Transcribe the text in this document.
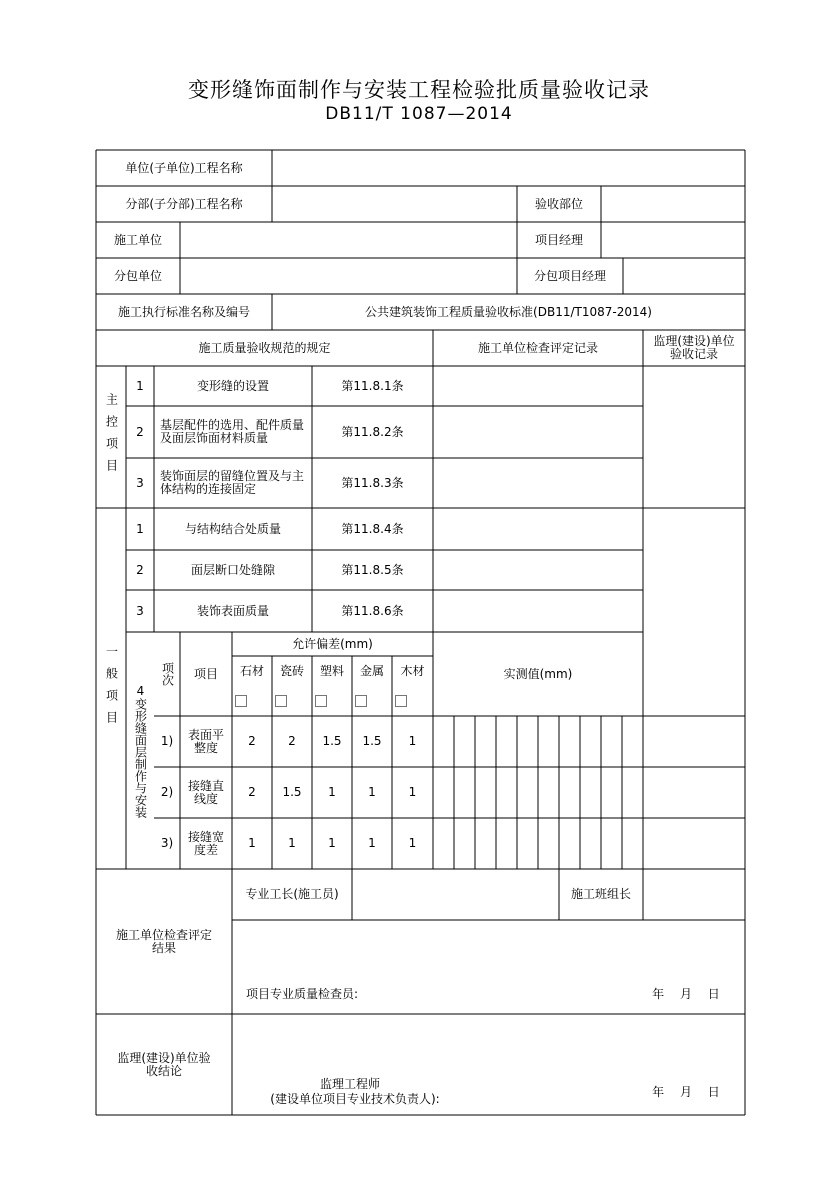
变形缝饰面制作与安装工程检验批质量验收记录
DB11/T 1087—2014
单位(子单位)工程名称
分部(子分部)工程名称	验收部位
施工单位	项目经理
分包单位	分包项目经理
施工执行标准名称及编号	公共建筑装饰工程质量验收标准(DB11/T1087-2014)
施工质量验收规范的规定	施工单位检查评定记录	监理(建设)单位验收记录
主控项目
1	变形缝的设置	第11.8.1条
2	基层配件的选用、配件质量及面层饰面材料质量	第11.8.2条
3	装饰面层的留缝位置及与主体结构的连接固定	第11.8.3条
一般项目
1	与结构结合处质量	第11.8.4条
2	面层断口处缝隙	第11.8.5条
3	装饰表面质量	第11.8.6条
4变形缝面层制作与安装
项次	项目
允许偏差(mm)
石材	瓷砖	塑料	金属	木材	实测值(mm)
1)	表面平整度	2	2	1.5	1.5	1
2)	接缝直线度	2	1.5	1	1	1
3)	接缝宽度差	1	1	1	1	1
施工单位检查评定结果
专业工长(施工员)	施工班组长
项目专业质量检查员:	年 月 日
监理(建设)单位验收结论
监理工程师
(建设单位项目专业技术负责人):	年 月 日
